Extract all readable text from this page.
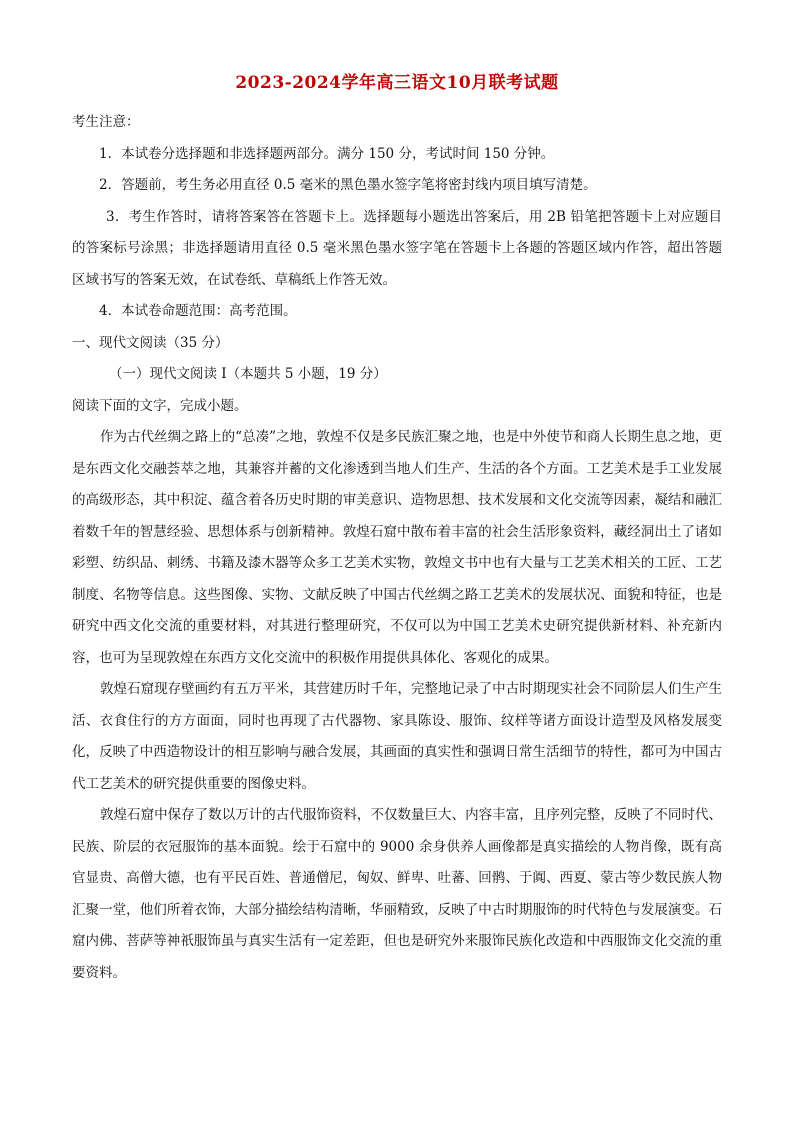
2023-2024学年高三语文10月联考试题

考生注意：

1．本试卷分选择题和非选择题两部分。满分 150 分，考试时间 150 分钟。

2．答题前，考生务必用直径 0.5 毫米的黑色墨水签字笔将密封线内项目填写清楚。

3．考生作答时，请将答案答在答题卡上。选择题每小题选出答案后，用 2B 铅笔把答题卡上对应题目的答案标号涂黑；非选择题请用直径 0.5 毫米黑色墨水签字笔在答题卡上各题的答题区域内作答，超出答题区域书写的答案无效，在试卷纸、草稿纸上作答无效。

4．本试卷命题范围：高考范围。

一、现代文阅读（35 分）

（一）现代文阅读 I（本题共 5 小题，19 分）

阅读下面的文字，完成小题。

作为古代丝绸之路上的“总凑”之地，敦煌不仅是多民族汇聚之地，也是中外使节和商人长期生息之地，更是东西文化交融荟萃之地，其兼容并蓄的文化渗透到当地人们生产、生活的各个方面。工艺美术是手工业发展的高级形态，其中积淀、蕴含着各历史时期的审美意识、造物思想、技术发展和文化交流等因素，凝结和融汇着数千年的智慧经验、思想体系与创新精神。敦煌石窟中散布着丰富的社会生活形象资料，藏经洞出土了诸如彩塑、纺织品、刺绣、书籍及漆木器等众多工艺美术实物，敦煌文书中也有大量与工艺美术相关的工匠、工艺制度、名物等信息。这些图像、实物、文献反映了中国古代丝绸之路工艺美术的发展状况、面貌和特征，也是研究中西文化交流的重要材料，对其进行整理研究，不仅可以为中国工艺美术史研究提供新材料、补充新内容，也可为呈现敦煌在东西方文化交流中的积极作用提供具体化、客观化的成果。

敦煌石窟现存壁画约有五万平米，其营建历时千年，完整地记录了中古时期现实社会不同阶层人们生产生活、衣食住行的方方面面，同时也再现了古代器物、家具陈设、服饰、纹样等诸方面设计造型及风格发展变化，反映了中西造物设计的相互影响与融合发展，其画面的真实性和强调日常生活细节的特性，都可为中国古代工艺美术的研究提供重要的图像史料。

敦煌石窟中保存了数以万计的古代服饰资料，不仅数量巨大、内容丰富，且序列完整，反映了不同时代、民族、阶层的衣冠服饰的基本面貌。绘于石窟中的 9000 余身供养人画像都是真实描绘的人物肖像，既有高官显贵、高僧大德，也有平民百姓、普通僧尼，匈奴、鲜卑、吐蕃、回鹘、于阗、西夏、蒙古等少数民族人物汇聚一堂，他们所着衣饰，大部分描绘结构清晰，华丽精致，反映了中古时期服饰的时代特色与发展演变。石窟内佛、菩萨等神祇服饰虽与真实生活有一定差距，但也是研究外来服饰民族化改造和中西服饰文化交流的重要资料。
